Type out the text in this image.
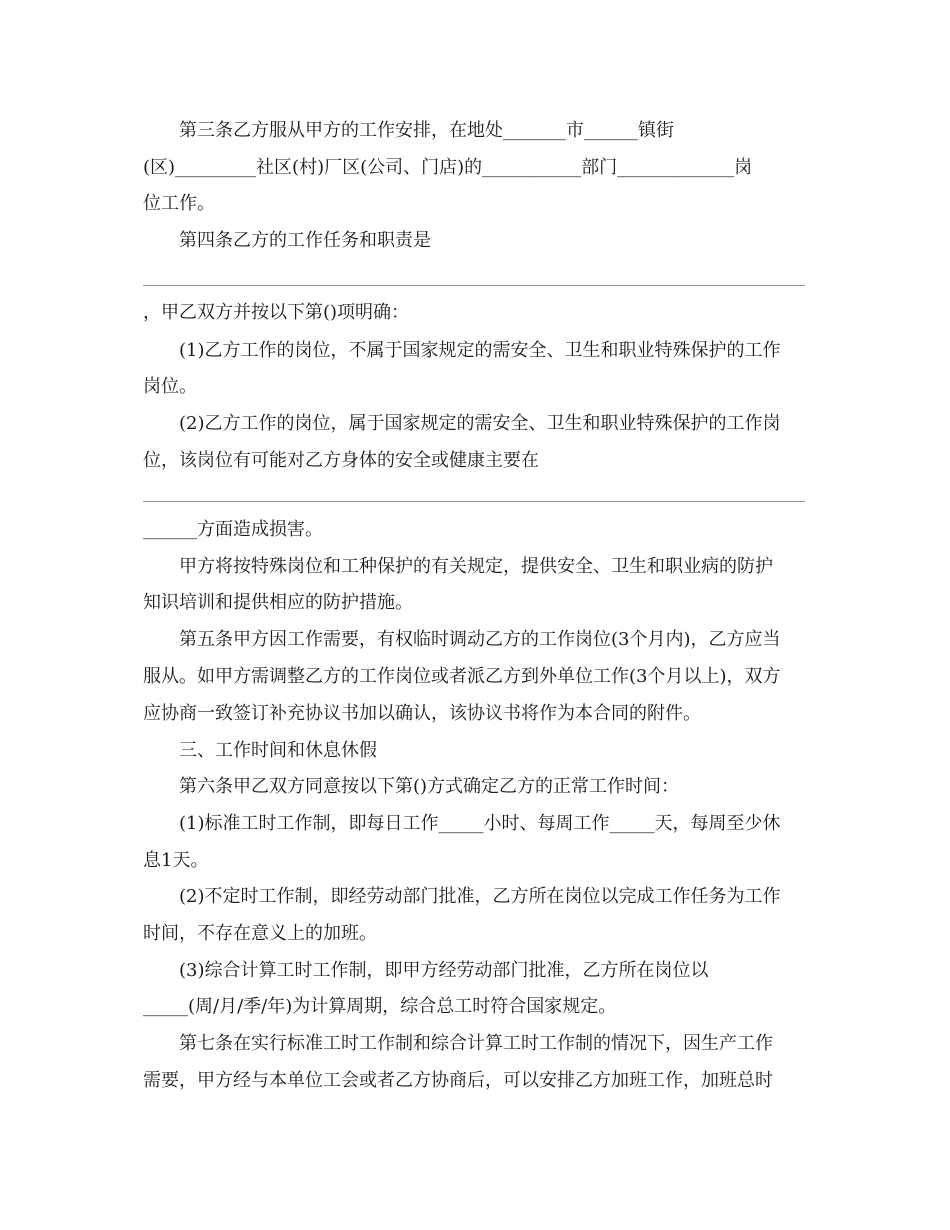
第三条乙方服从甲方的工作安排，在地处_______市______镇街
(区)_________社区(村)厂区(公司、门店)的___________部门_____________岗
位工作。
第四条乙方的工作任务和职责是
，甲乙双方并按以下第()项明确：
(1)乙方工作的岗位，不属于国家规定的需安全、卫生和职业特殊保护的工作
岗位。
(2)乙方工作的岗位，属于国家规定的需安全、卫生和职业特殊保护的工作岗
位，该岗位有可能对乙方身体的安全或健康主要在
______方面造成损害。
甲方将按特殊岗位和工种保护的有关规定，提供安全、卫生和职业病的防护
知识培训和提供相应的防护措施。
第五条甲方因工作需要，有权临时调动乙方的工作岗位(3个月内)，乙方应当
服从。如甲方需调整乙方的工作岗位或者派乙方到外单位工作(3个月以上)，双方
应协商一致签订补充协议书加以确认，该协议书将作为本合同的附件。
三、工作时间和休息休假
第六条甲乙双方同意按以下第()方式确定乙方的正常工作时间：
(1)标准工时工作制，即每日工作_____小时、每周工作_____天，每周至少休
息1天。
(2)不定时工作制，即经劳动部门批准，乙方所在岗位以完成工作任务为工作
时间，不存在意义上的加班。
(3)综合计算工时工作制，即甲方经劳动部门批准，乙方所在岗位以
_____(周/月/季/年)为计算周期，综合总工时符合国家规定。
第七条在实行标准工时工作制和综合计算工时工作制的情况下，因生产工作
需要，甲方经与本单位工会或者乙方协商后，可以安排乙方加班工作，加班总时
